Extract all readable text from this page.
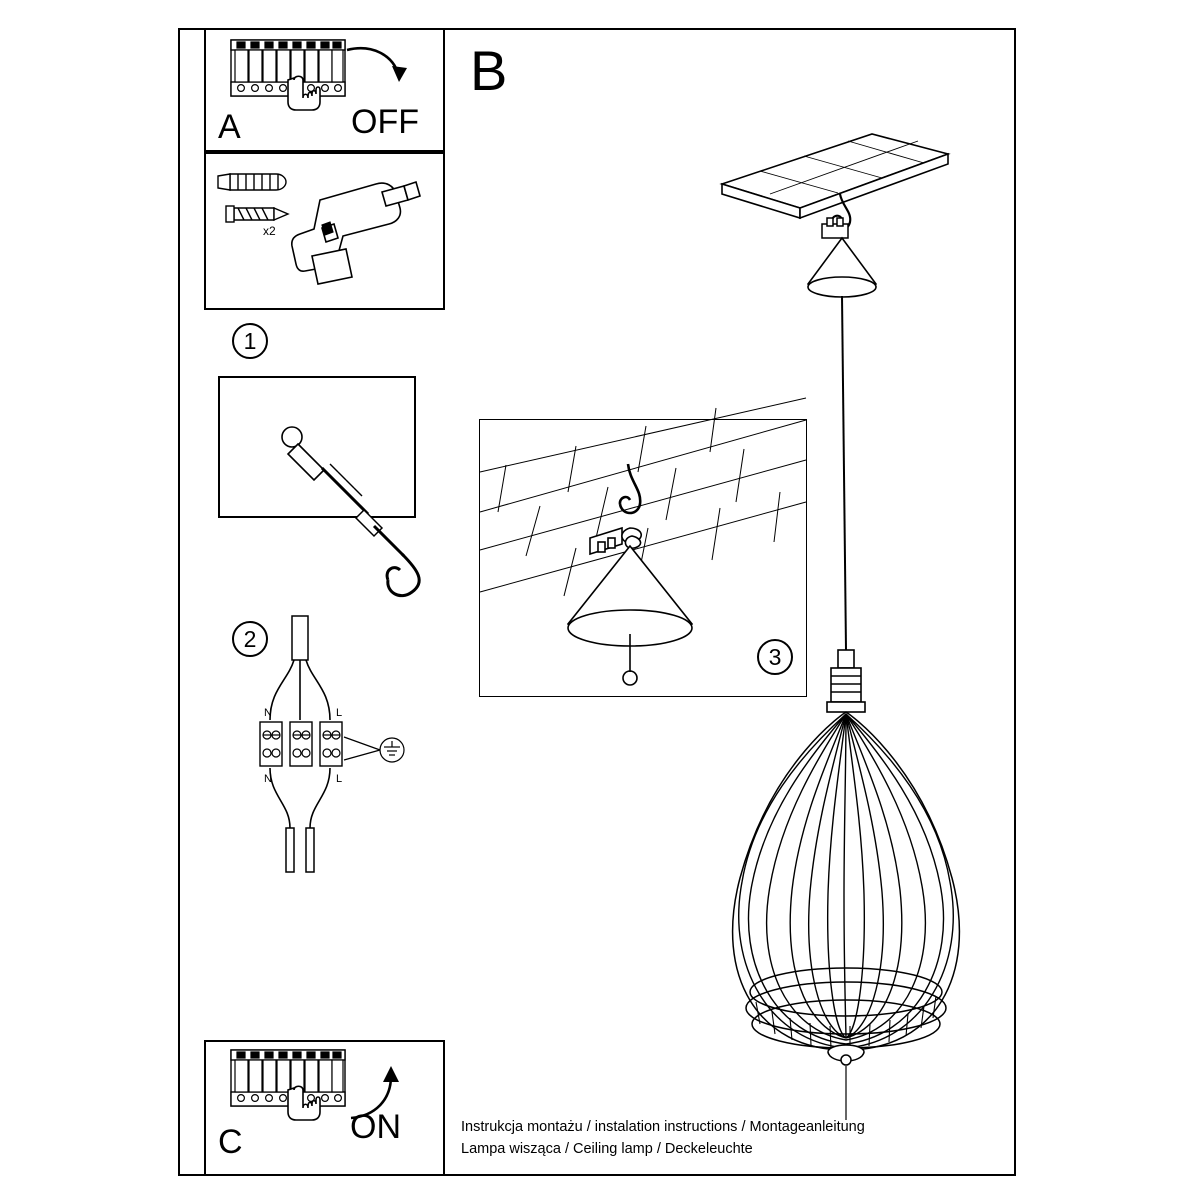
A	OFF
1
x2
2
N	L
N	L
3
B
C	ON	Instrukcja montażu / instalation instructions / Montageanleitung
Lampa wisząca / Ceiling lamp / Deckeleuchte
